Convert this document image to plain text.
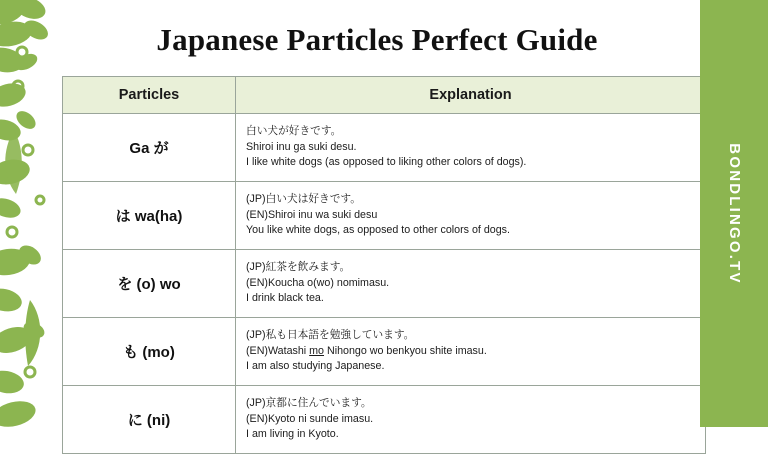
Japanese Particles Perfect Guide
Particles	Explanation
Ga が	白い犬が好きです。
Shiroi inu ga suki desu.
I like white dogs (as opposed to liking other colors of dogs).

は wa(ha)	(JP)白い犬は好きです。
(EN)Shiroi inu wa suki desu
You like white dogs, as opposed to other colors of dogs.

を (o) wo	(JP)紅茶を飲みます。
(EN)Koucha o(wo) nomimasu.
I drink black tea.

も (mo)	(JP)私も日本語を勉強しています。
(EN)Watashi mo Nihongo wo benkyou shite imasu.
I am also studying Japanese.

に (ni)	(JP)京都に住んでいます。
(EN)Kyoto ni sunde imasu.
I am living in Kyoto.
BONDLINGO.TV
